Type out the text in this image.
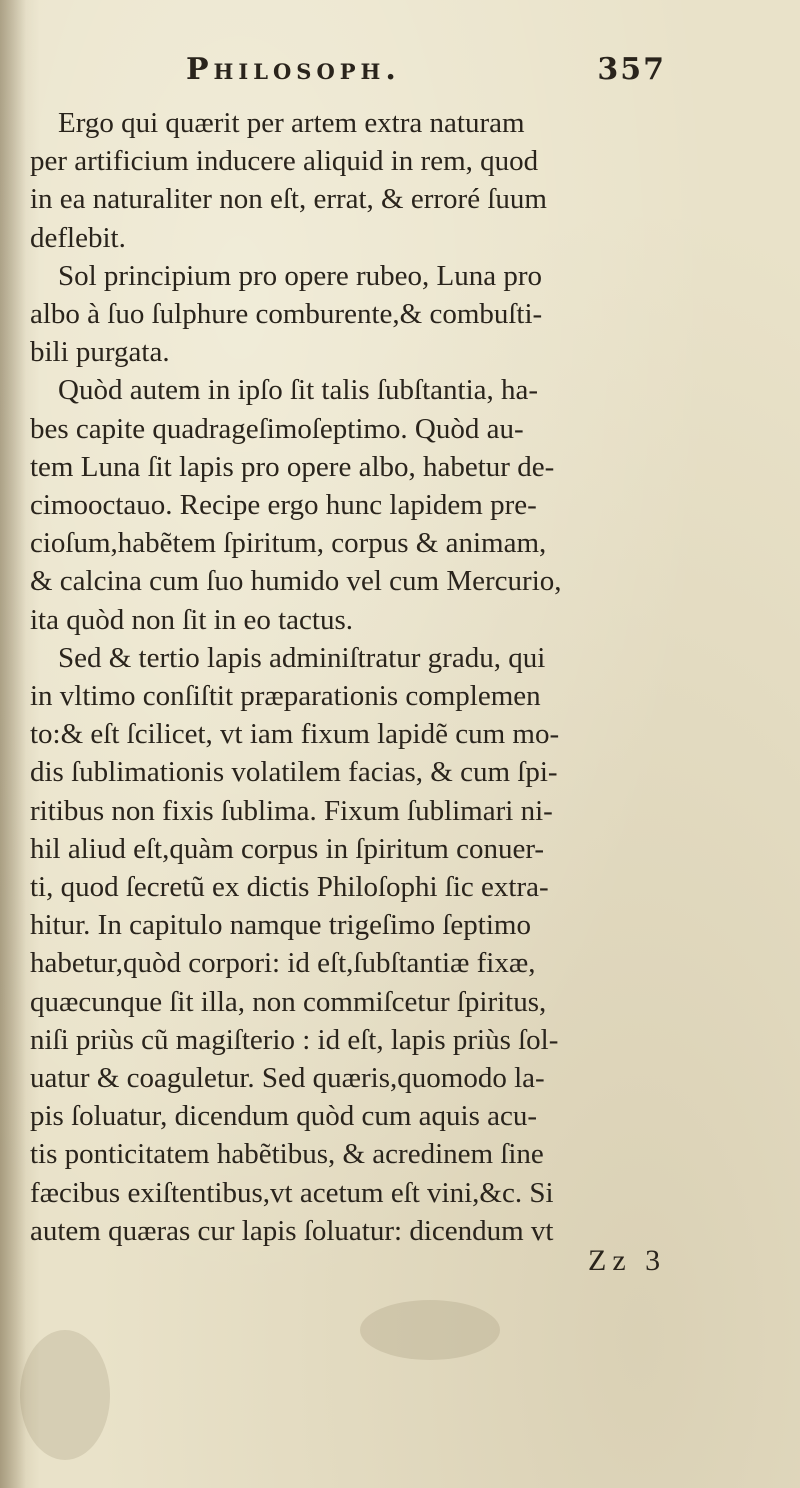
Philosoph.	357
Ergo qui quærit per artem extra naturam
per artificium inducere aliquid in rem, quod
in ea naturaliter non eſt, errat, & erroré ſuum
deflebit.
Sol principium pro opere rubeo, Luna pro
albo à ſuo ſulphure comburente,& combuſti-
bili purgata.
Quòd autem in ipſo ſit talis ſubſtantia, ha-
bes capite quadrageſimoſeptimo. Quòd au-
tem Luna ſit lapis pro opere albo, habetur de-
cimooctauo. Recipe ergo hunc lapidem pre-
cioſum,habẽtem ſpiritum, corpus & animam,
& calcina cum ſuo humido vel cum Mercurio,
ita quòd non ſit in eo tactus.
Sed & tertio lapis adminiſtratur gradu, qui
in vltimo conſiſtit præparationis complemen
to:& eſt ſcilicet, vt iam fixum lapidẽ cum mo-
dis ſublimationis volatilem facias, & cum ſpi-
ritibus non fixis ſublima. Fixum ſublimari ni-
hil aliud eſt,quàm corpus in ſpiritum conuer-
ti, quod ſecretũ ex dictis Philoſophi ſic extra-
hitur. In capitulo namque trigeſimo ſeptimo
habetur,quòd corpori: id eſt,ſubſtantiæ fixæ,
quæcunque ſit illa, non commiſcetur ſpiritus,
niſi priùs cũ magiſterio : id eſt, lapis priùs ſol-
uatur & coaguletur. Sed quæris,quomodo la-
pis ſoluatur, dicendum quòd cum aquis acu-
tis ponticitatem habẽtibus, & acredinem ſine
fæcibus exiſtentibus,vt acetum eſt vini,&c. Si
autem quæras cur lapis ſoluatur: dicendum vt
Zz 3
